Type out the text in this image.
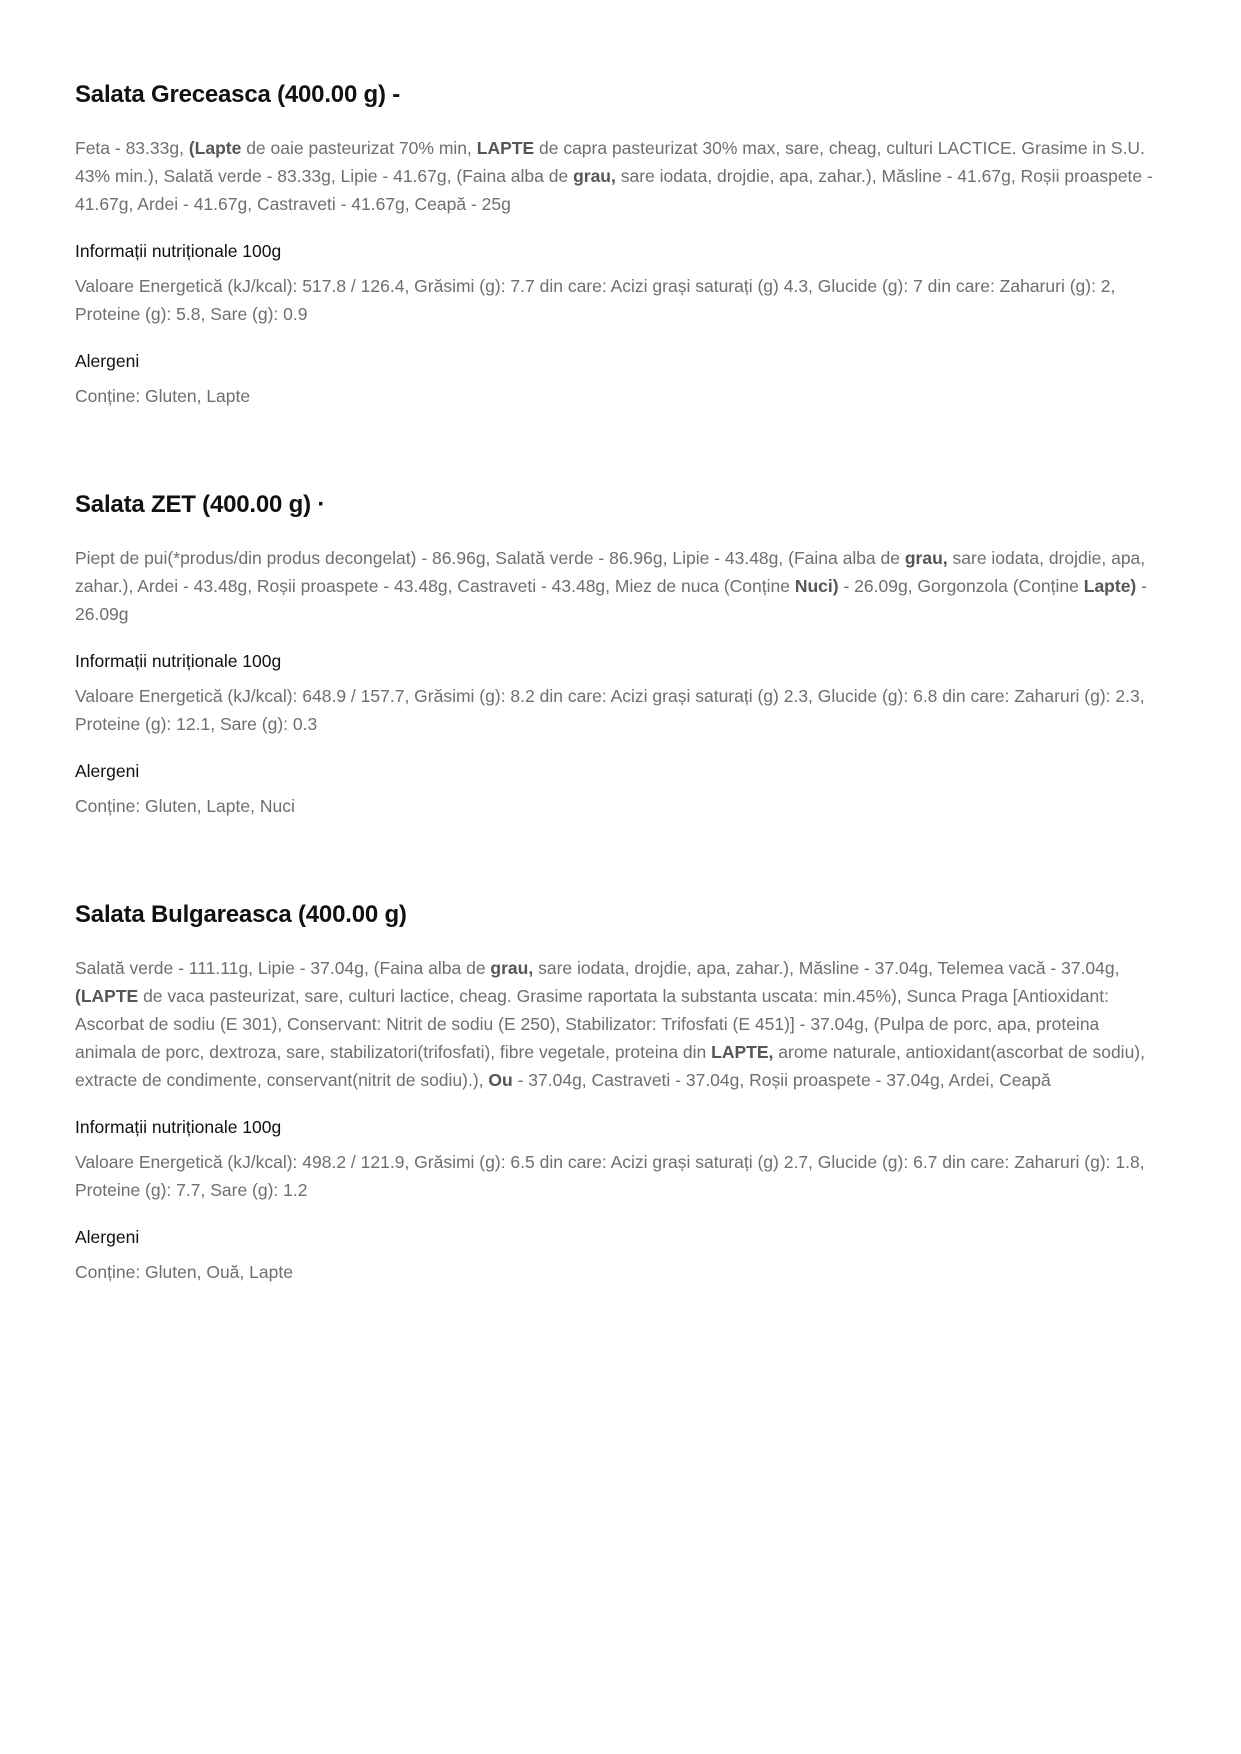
Salata Greceasca (400.00 g) -

Feta - 83.33g, (Lapte de oaie pasteurizat 70% min, LAPTE de capra pasteurizat 30% max, sare, cheag, culturi LACTICE. Grasime in S.U. 43% min.), Salată verde - 83.33g, Lipie - 41.67g, (Faina alba de grau, sare iodata, drojdie, apa, zahar.), Măsline - 41.67g, Roșii proaspete - 41.67g, Ardei - 41.67g, Castraveti - 41.67g, Ceapă - 25g

Informații nutriționale 100g

Valoare Energetică (kJ/kcal): 517.8 / 126.4, Grăsimi (g): 7.7 din care: Acizi grași saturați (g) 4.3, Glucide (g): 7 din care: Zaharuri (g): 2, Proteine (g): 5.8, Sare (g): 0.9

Alergeni

Conține: Gluten, Lapte

Salata ZET (400.00 g) ·

Piept de pui(*produs/din produs decongelat) - 86.96g, Salată verde - 86.96g, Lipie - 43.48g, (Faina alba de grau, sare iodata, drojdie, apa, zahar.), Ardei - 43.48g, Roșii proaspete - 43.48g, Castraveti - 43.48g, Miez de nuca (Conține Nuci) - 26.09g, Gorgonzola (Conține Lapte) - 26.09g

Informații nutriționale 100g

Valoare Energetică (kJ/kcal): 648.9 / 157.7, Grăsimi (g): 8.2 din care: Acizi grași saturați (g) 2.3, Glucide (g): 6.8 din care: Zaharuri (g): 2.3, Proteine (g): 12.1, Sare (g): 0.3

Alergeni

Conține: Gluten, Lapte, Nuci

Salata Bulgareasca (400.00 g)

Salată verde - 111.11g, Lipie - 37.04g, (Faina alba de grau, sare iodata, drojdie, apa, zahar.), Măsline - 37.04g, Telemea vacă - 37.04g, (LAPTE de vaca pasteurizat, sare, culturi lactice, cheag. Grasime raportata la substanta uscata: min.45%), Sunca Praga [Antioxidant: Ascorbat de sodiu (E 301), Conservant: Nitrit de sodiu (E 250), Stabilizator: Trifosfati (E 451)] - 37.04g, (Pulpa de porc, apa, proteina animala de porc, dextroza, sare, stabilizatori(trifosfati), fibre vegetale, proteina din LAPTE, arome naturale, antioxidant(ascorbat de sodiu), extracte de condimente, conservant(nitrit de sodiu).), Ou - 37.04g, Castraveti - 37.04g, Roșii proaspete - 37.04g, Ardei, Ceapă

Informații nutriționale 100g

Valoare Energetică (kJ/kcal): 498.2 / 121.9, Grăsimi (g): 6.5 din care: Acizi grași saturați (g) 2.7, Glucide (g): 6.7 din care: Zaharuri (g): 1.8, Proteine (g): 7.7, Sare (g): 1.2

Alergeni

Conține: Gluten, Ouă, Lapte
